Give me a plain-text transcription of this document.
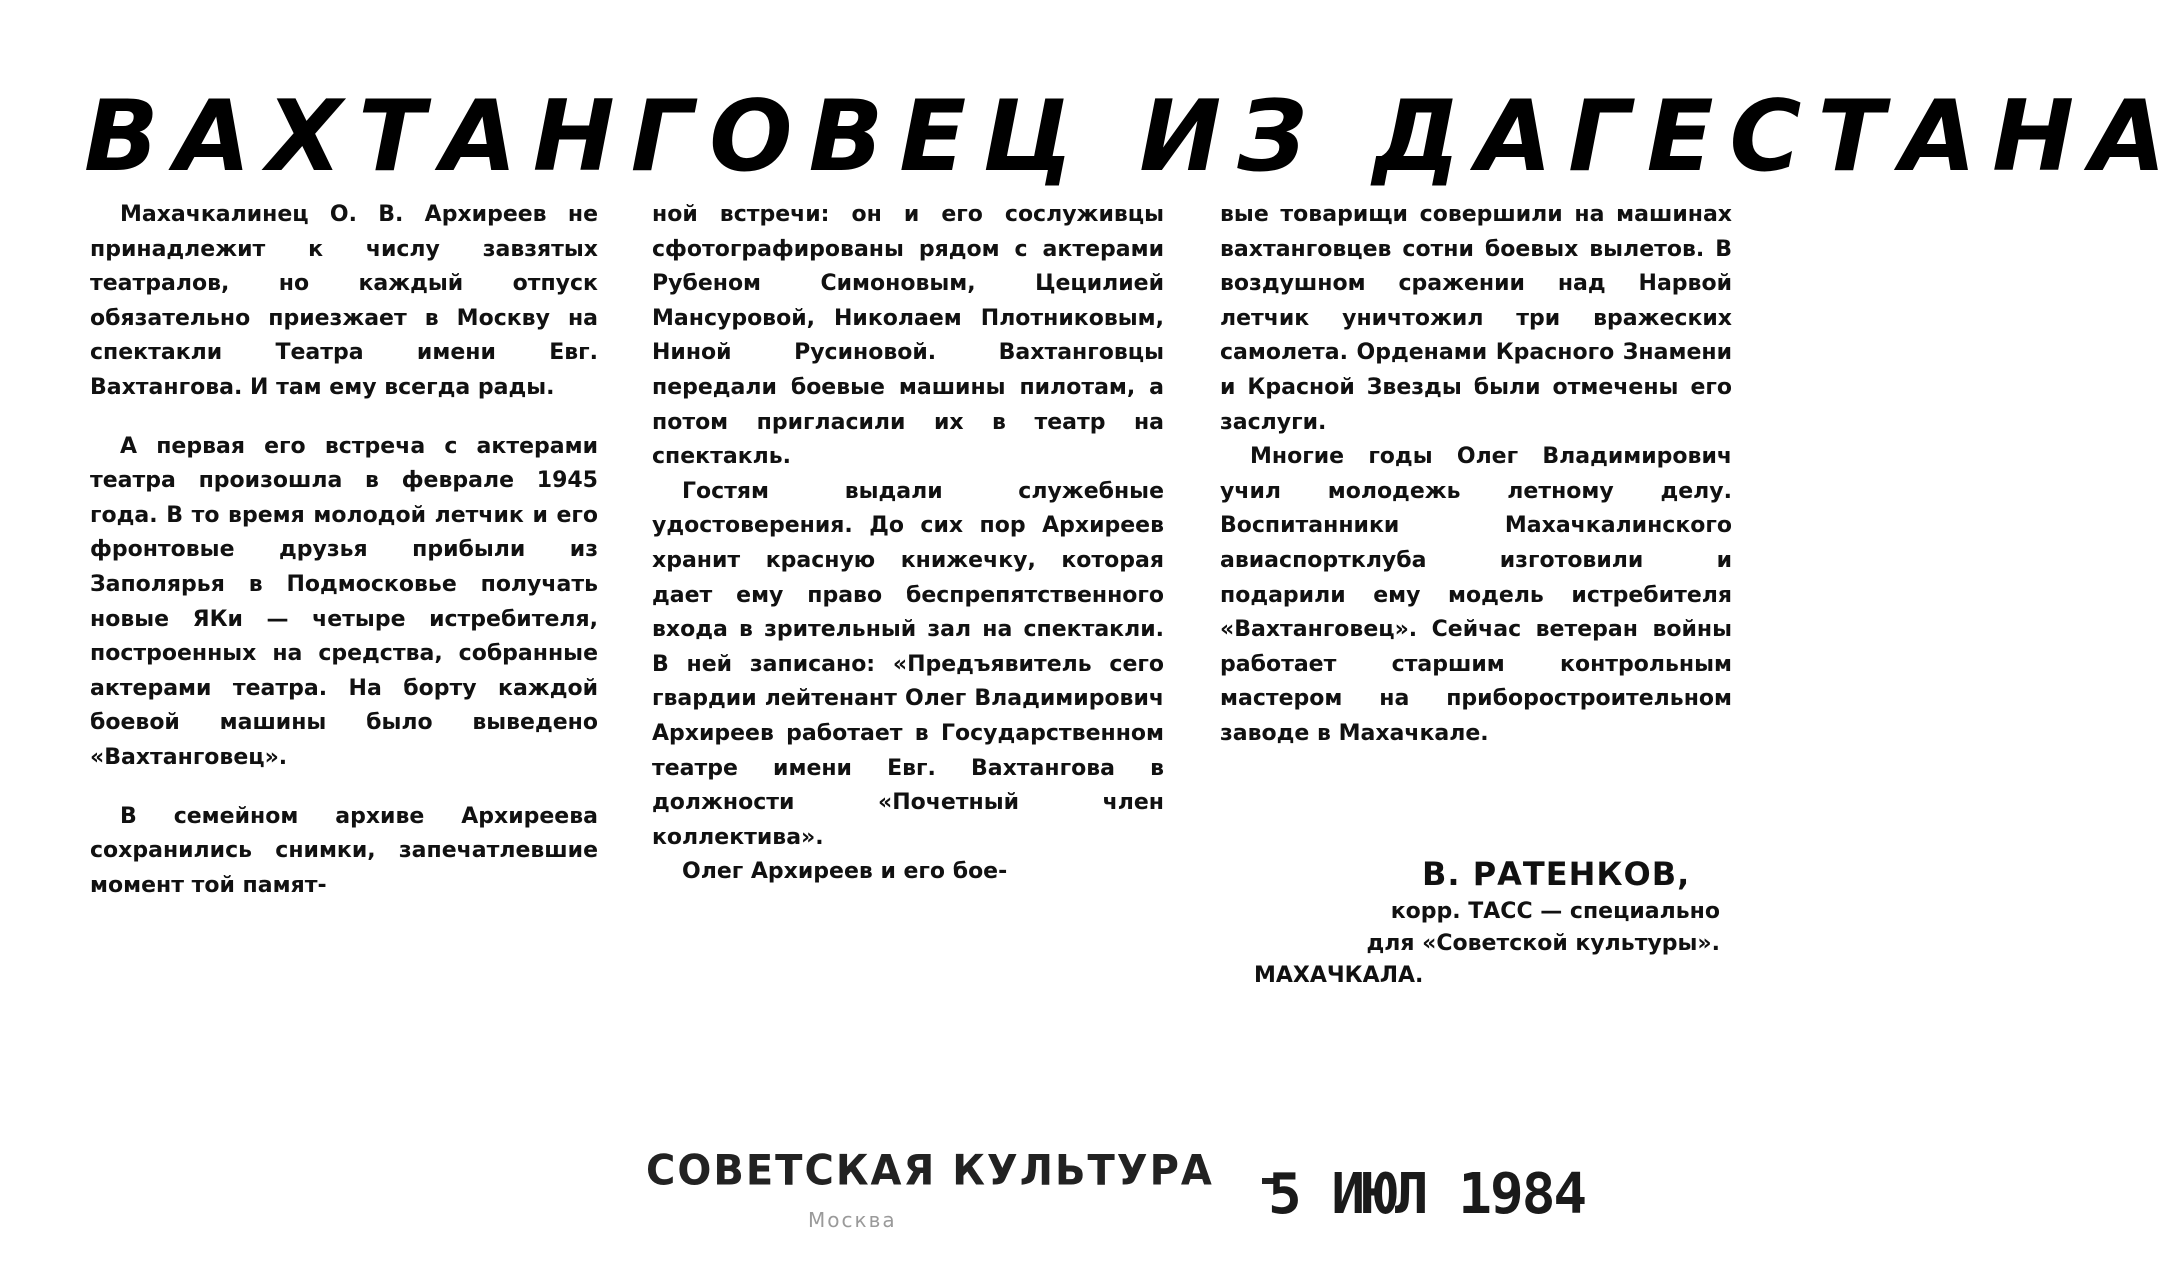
ВАХТАНГОВЕЦ ИЗ ДАГЕСТАНА

Махачкалинец О. В. Архиреев не принадлежит к числу завзятых театралов, но каждый отпуск обязательно приезжает в Москву на спектакли Театра имени Евг. Вахтангова. И там ему всегда рады.

А первая его встреча с актерами театра произошла в феврале 1945 года. В то время молодой летчик и его фронтовые друзья прибыли из Заполярья в Подмосковье получать новые ЯКи — четыре истребителя, построенных на средства, собранные актерами театра. На борту каждой боевой машины было выведено «Вахтанговец».

В семейном архиве Архиреева сохранились снимки, запечатлевшие момент той памят-

ной встречи: он и его сослуживцы сфотографированы рядом с актерами Рубеном Симоновым, Цецилией Мансуровой, Николаем Плотниковым, Ниной Русиновой. Вахтанговцы передали боевые машины пилотам, а потом пригласили их в театр на спектакль.

Гостям выдали служебные удостоверения. До сих пор Архиреев хранит красную книжечку, которая дает ему право беспрепятственного входа в зрительный зал на спектакли. В ней записано: «Предъявитель сего гвардии лейтенант Олег Владимирович Архиреев работает в Государственном театре имени Евг. Вахтангова в должности «Почетный член коллектива».

Олег Архиреев и его бое-

вые товарищи совершили на машинах вахтанговцев сотни боевых вылетов. В воздушном сражении над Нарвой летчик уничтожил три вражеских самолета. Орденами Красного Знамени и Красной Звезды были отмечены его заслуги.

Многие годы Олег Владимирович учил молодежь летному делу. Воспитанники Махачкалинского авиаспортклуба изготовили и подарили ему модель истребителя «Вахтанговец». Сейчас ветеран войны работает старшим контрольным мастером на приборостроительном заводе в Махачкале.

В. РАТЕНКОВ,
корр. ТАСС — специально
для «Советской культуры».
МАХАЧКАЛА.
СОВЕТСКАЯ КУЛЬТУРА
Москва	5 ИЮЛ 1984
